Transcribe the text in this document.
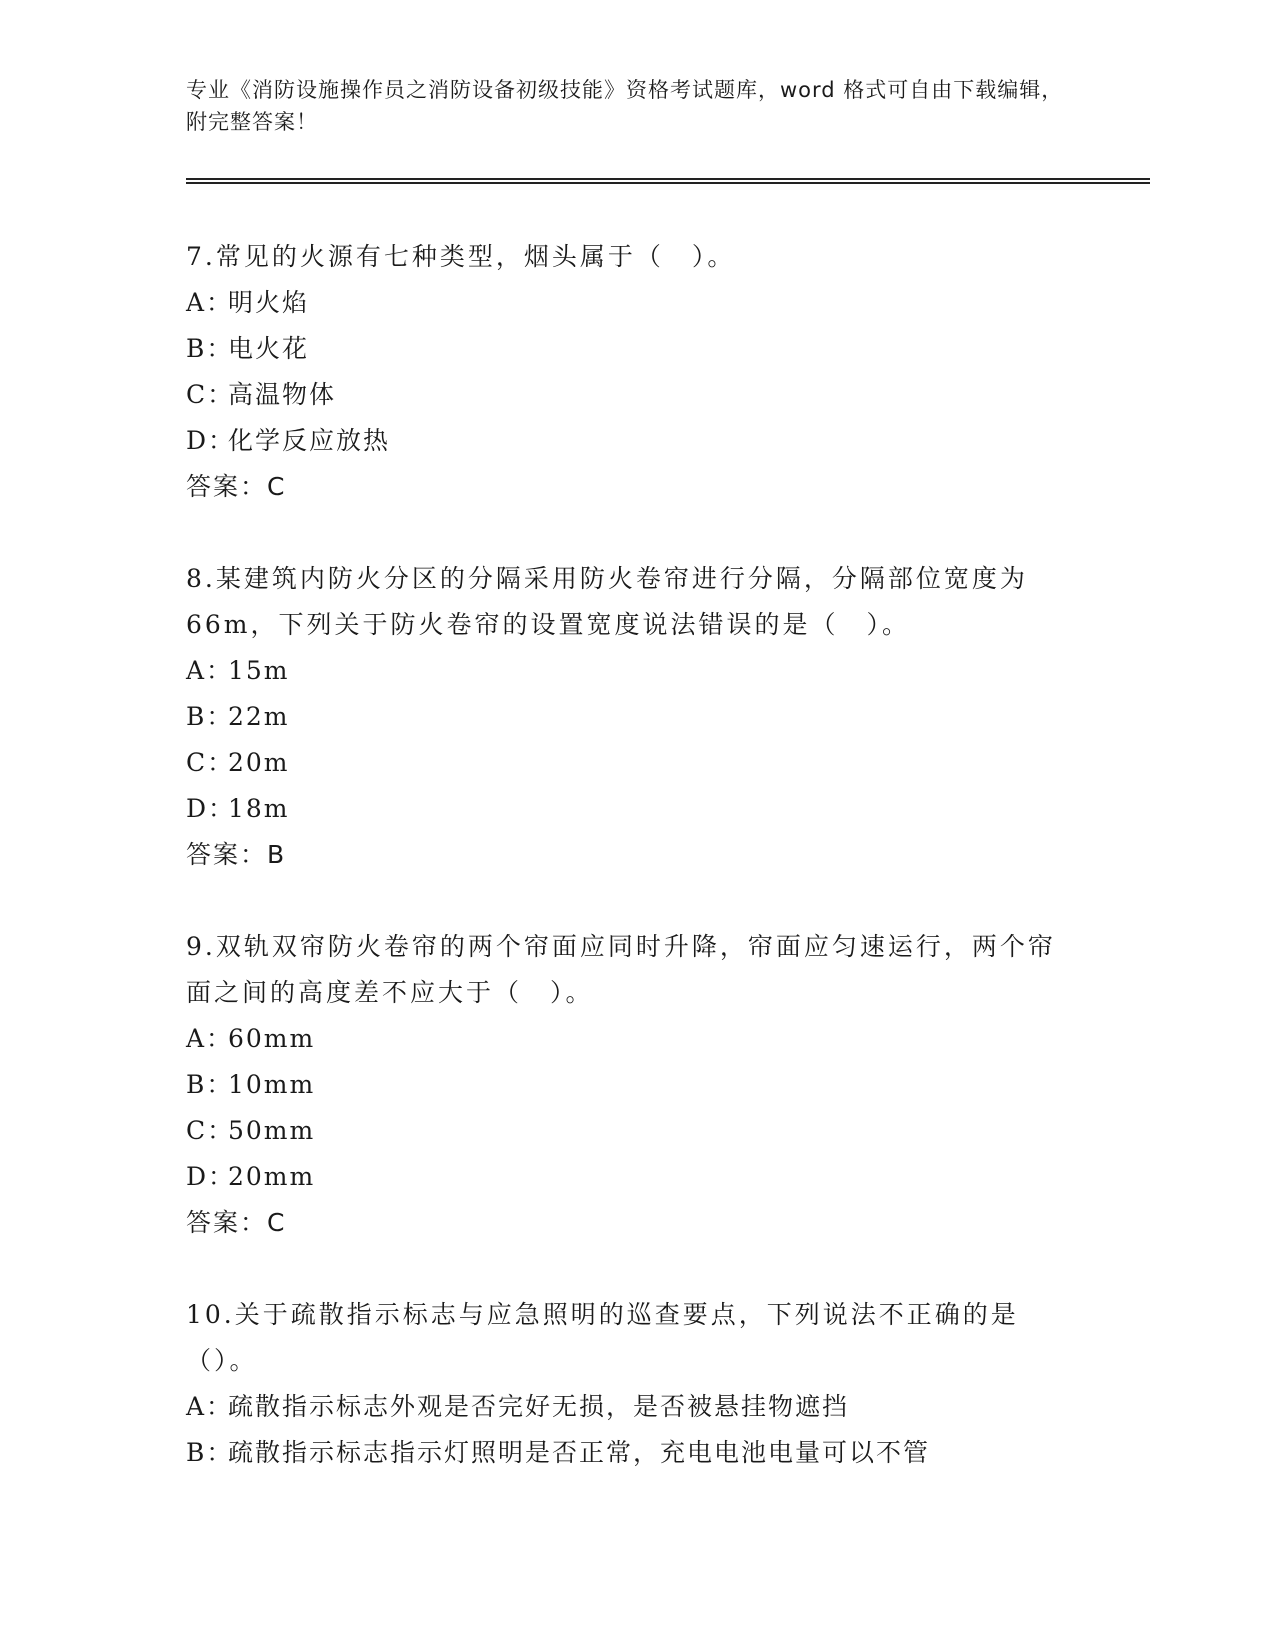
专业《消防设施操作员之消防设备初级技能》资格考试题库，word 格式可自由下载编辑，附完整答案！

7.常见的火源有七种类型，烟头属于（　）。

A：明火焰

B：电火花

C：高温物体

D：化学反应放热

答案：C

8.某建筑内防火分区的分隔采用防火卷帘进行分隔，分隔部位宽度为66m，下列关于防火卷帘的设置宽度说法错误的是（　）。

A：15m

B：22m

C：20m

D：18m

答案：B

9.双轨双帘防火卷帘的两个帘面应同时升降，帘面应匀速运行，两个帘面之间的高度差不应大于（　）。

A：60mm

B：10mm

C：50mm

D：20mm

答案：C

10.关于疏散指示标志与应急照明的巡查要点，下列说法不正确的是（）。

A：疏散指示标志外观是否完好无损，是否被悬挂物遮挡

B：疏散指示标志指示灯照明是否正常，充电电池电量可以不管
